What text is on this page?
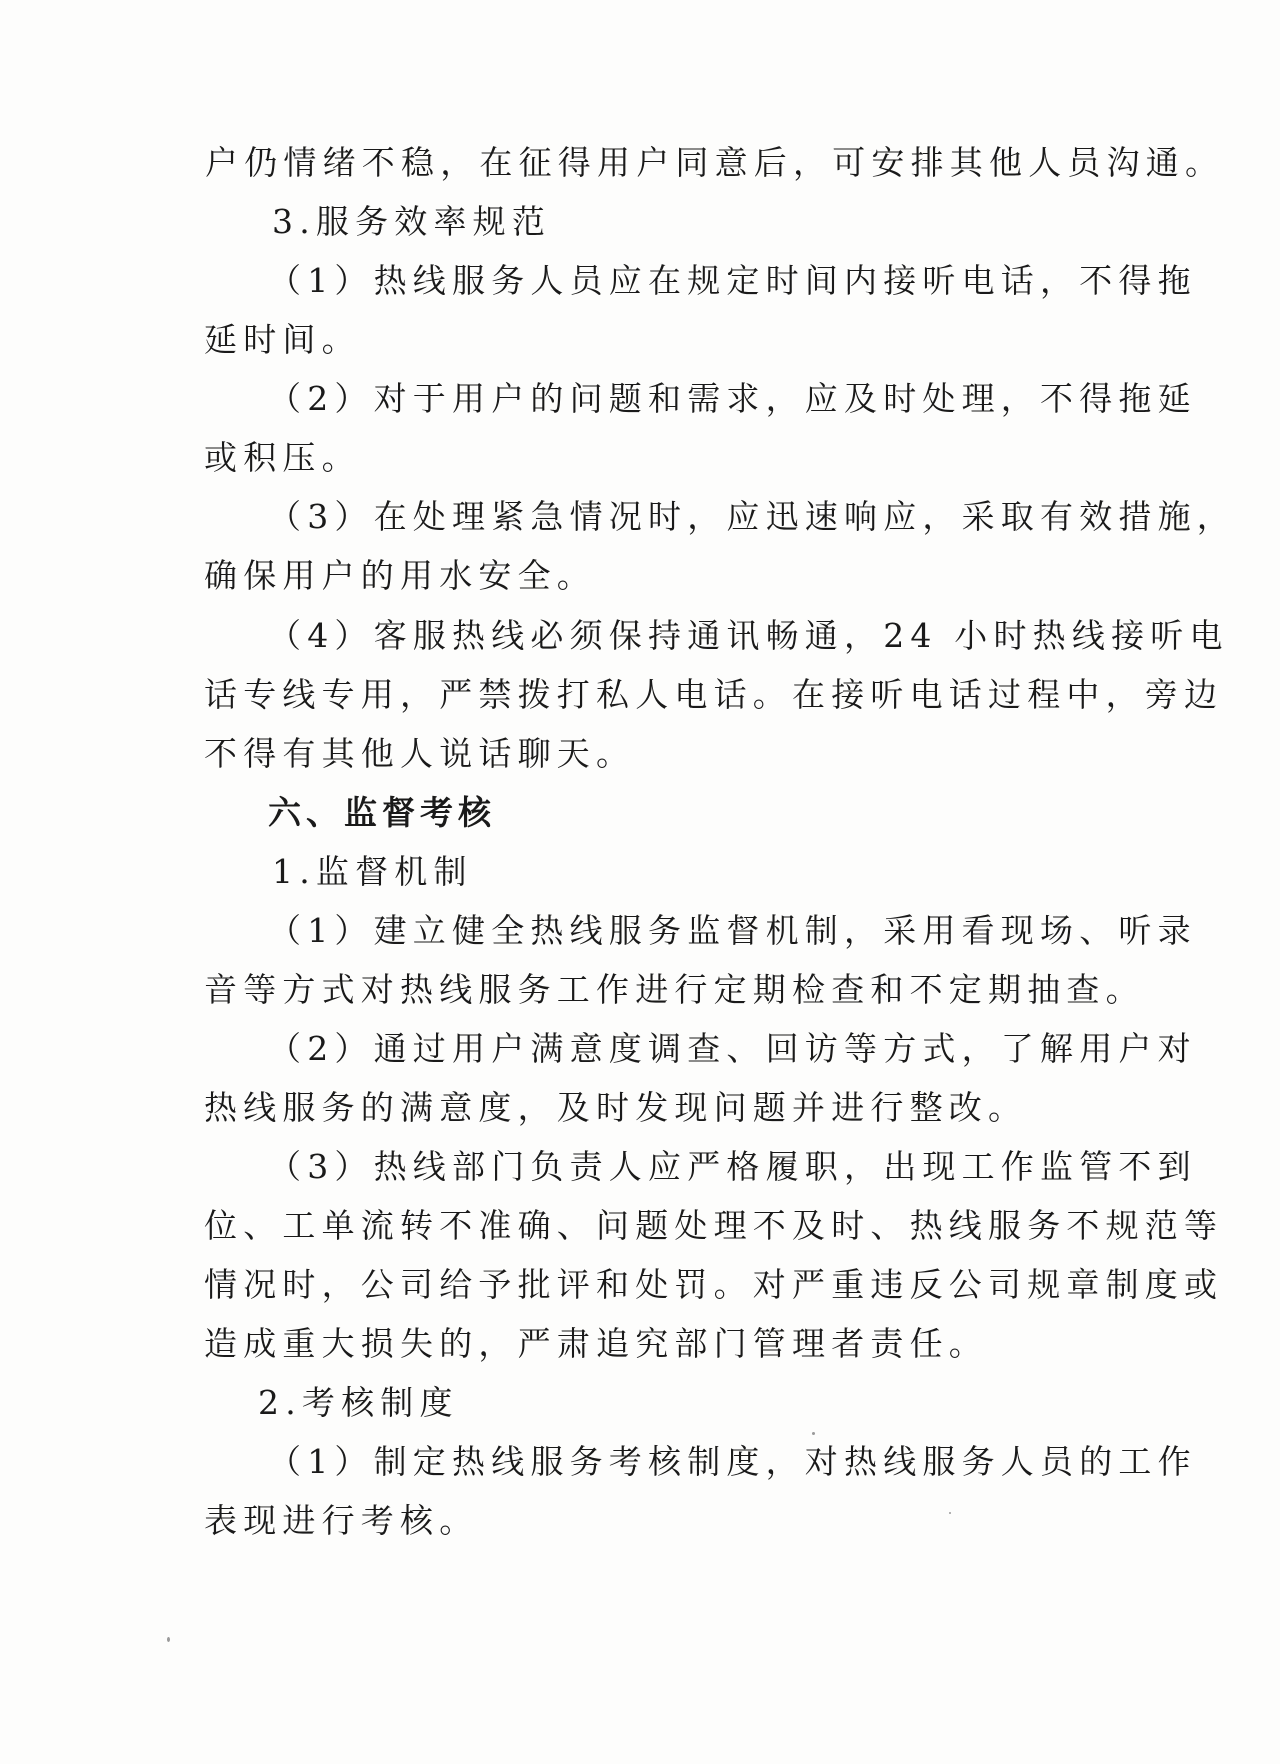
户仍情绪不稳，在征得用户同意后，可安排其他人员沟通。
3.服务效率规范
（1）热线服务人员应在规定时间内接听电话，不得拖
延时间。
（2）对于用户的问题和需求，应及时处理，不得拖延
或积压。
（3）在处理紧急情况时，应迅速响应，采取有效措施，
确保用户的用水安全。
（4）客服热线必须保持通讯畅通，24 小时热线接听电
话专线专用，严禁拨打私人电话。在接听电话过程中，旁边
不得有其他人说话聊天。
六、监督考核
1.监督机制
（1）建立健全热线服务监督机制，采用看现场、听录
音等方式对热线服务工作进行定期检查和不定期抽查。
（2）通过用户满意度调查、回访等方式，了解用户对
热线服务的满意度，及时发现问题并进行整改。
（3）热线部门负责人应严格履职，出现工作监管不到
位、工单流转不准确、问题处理不及时、热线服务不规范等
情况时，公司给予批评和处罚。对严重违反公司规章制度或
造成重大损失的，严肃追究部门管理者责任。
2.考核制度
（1）制定热线服务考核制度，对热线服务人员的工作
表现进行考核。
